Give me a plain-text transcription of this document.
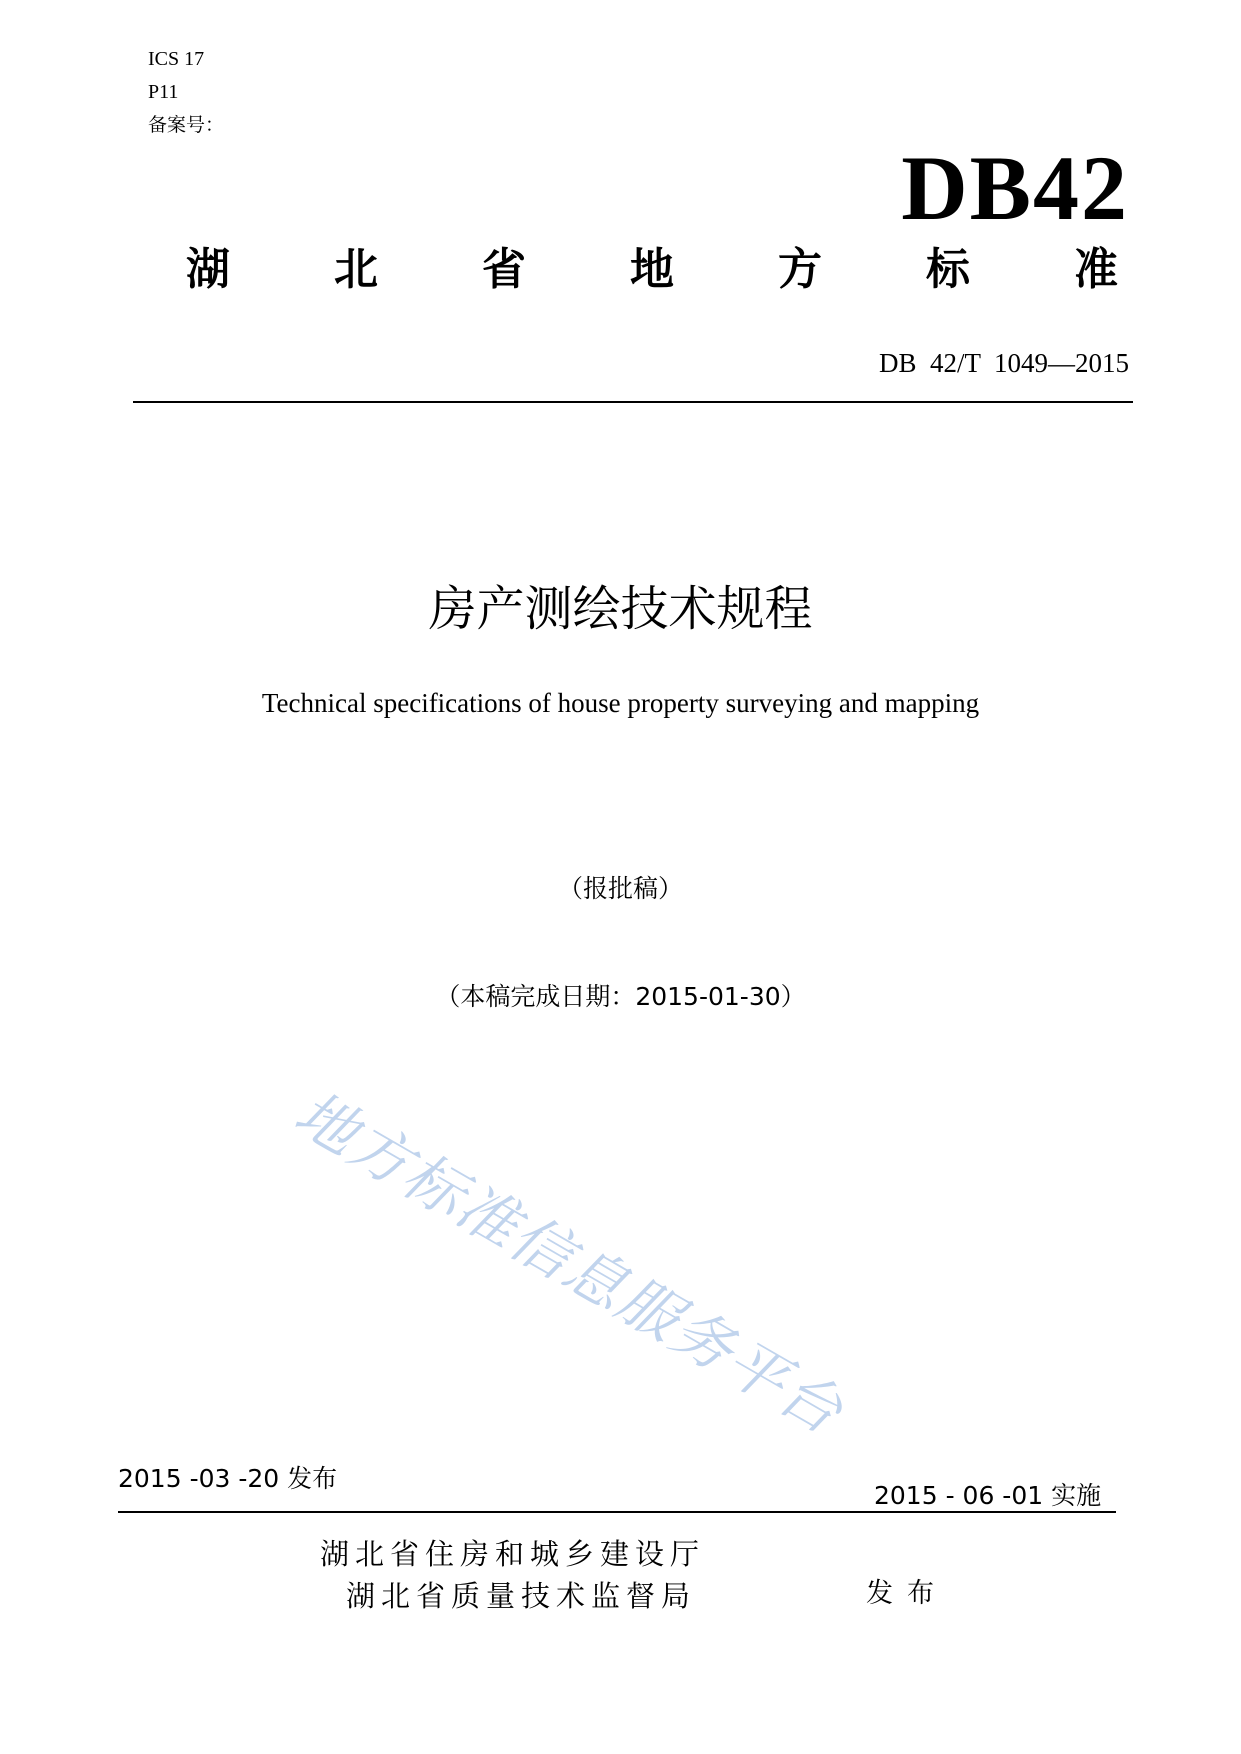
ICS 17
P11
备案号：
DB42
湖 北 省 地 方 标 准
DB  42/T  1049—2015
房产测绘技术规程
Technical specifications of house property surveying and mapping
（报批稿）
（本稿完成日期：2015-01-30）
地方标准信息服务平台
2015 -03 -20 发布
2015 - 06 -01 实施
湖北省住房和城乡建设厅
湖北省质量技术监督局	发布
